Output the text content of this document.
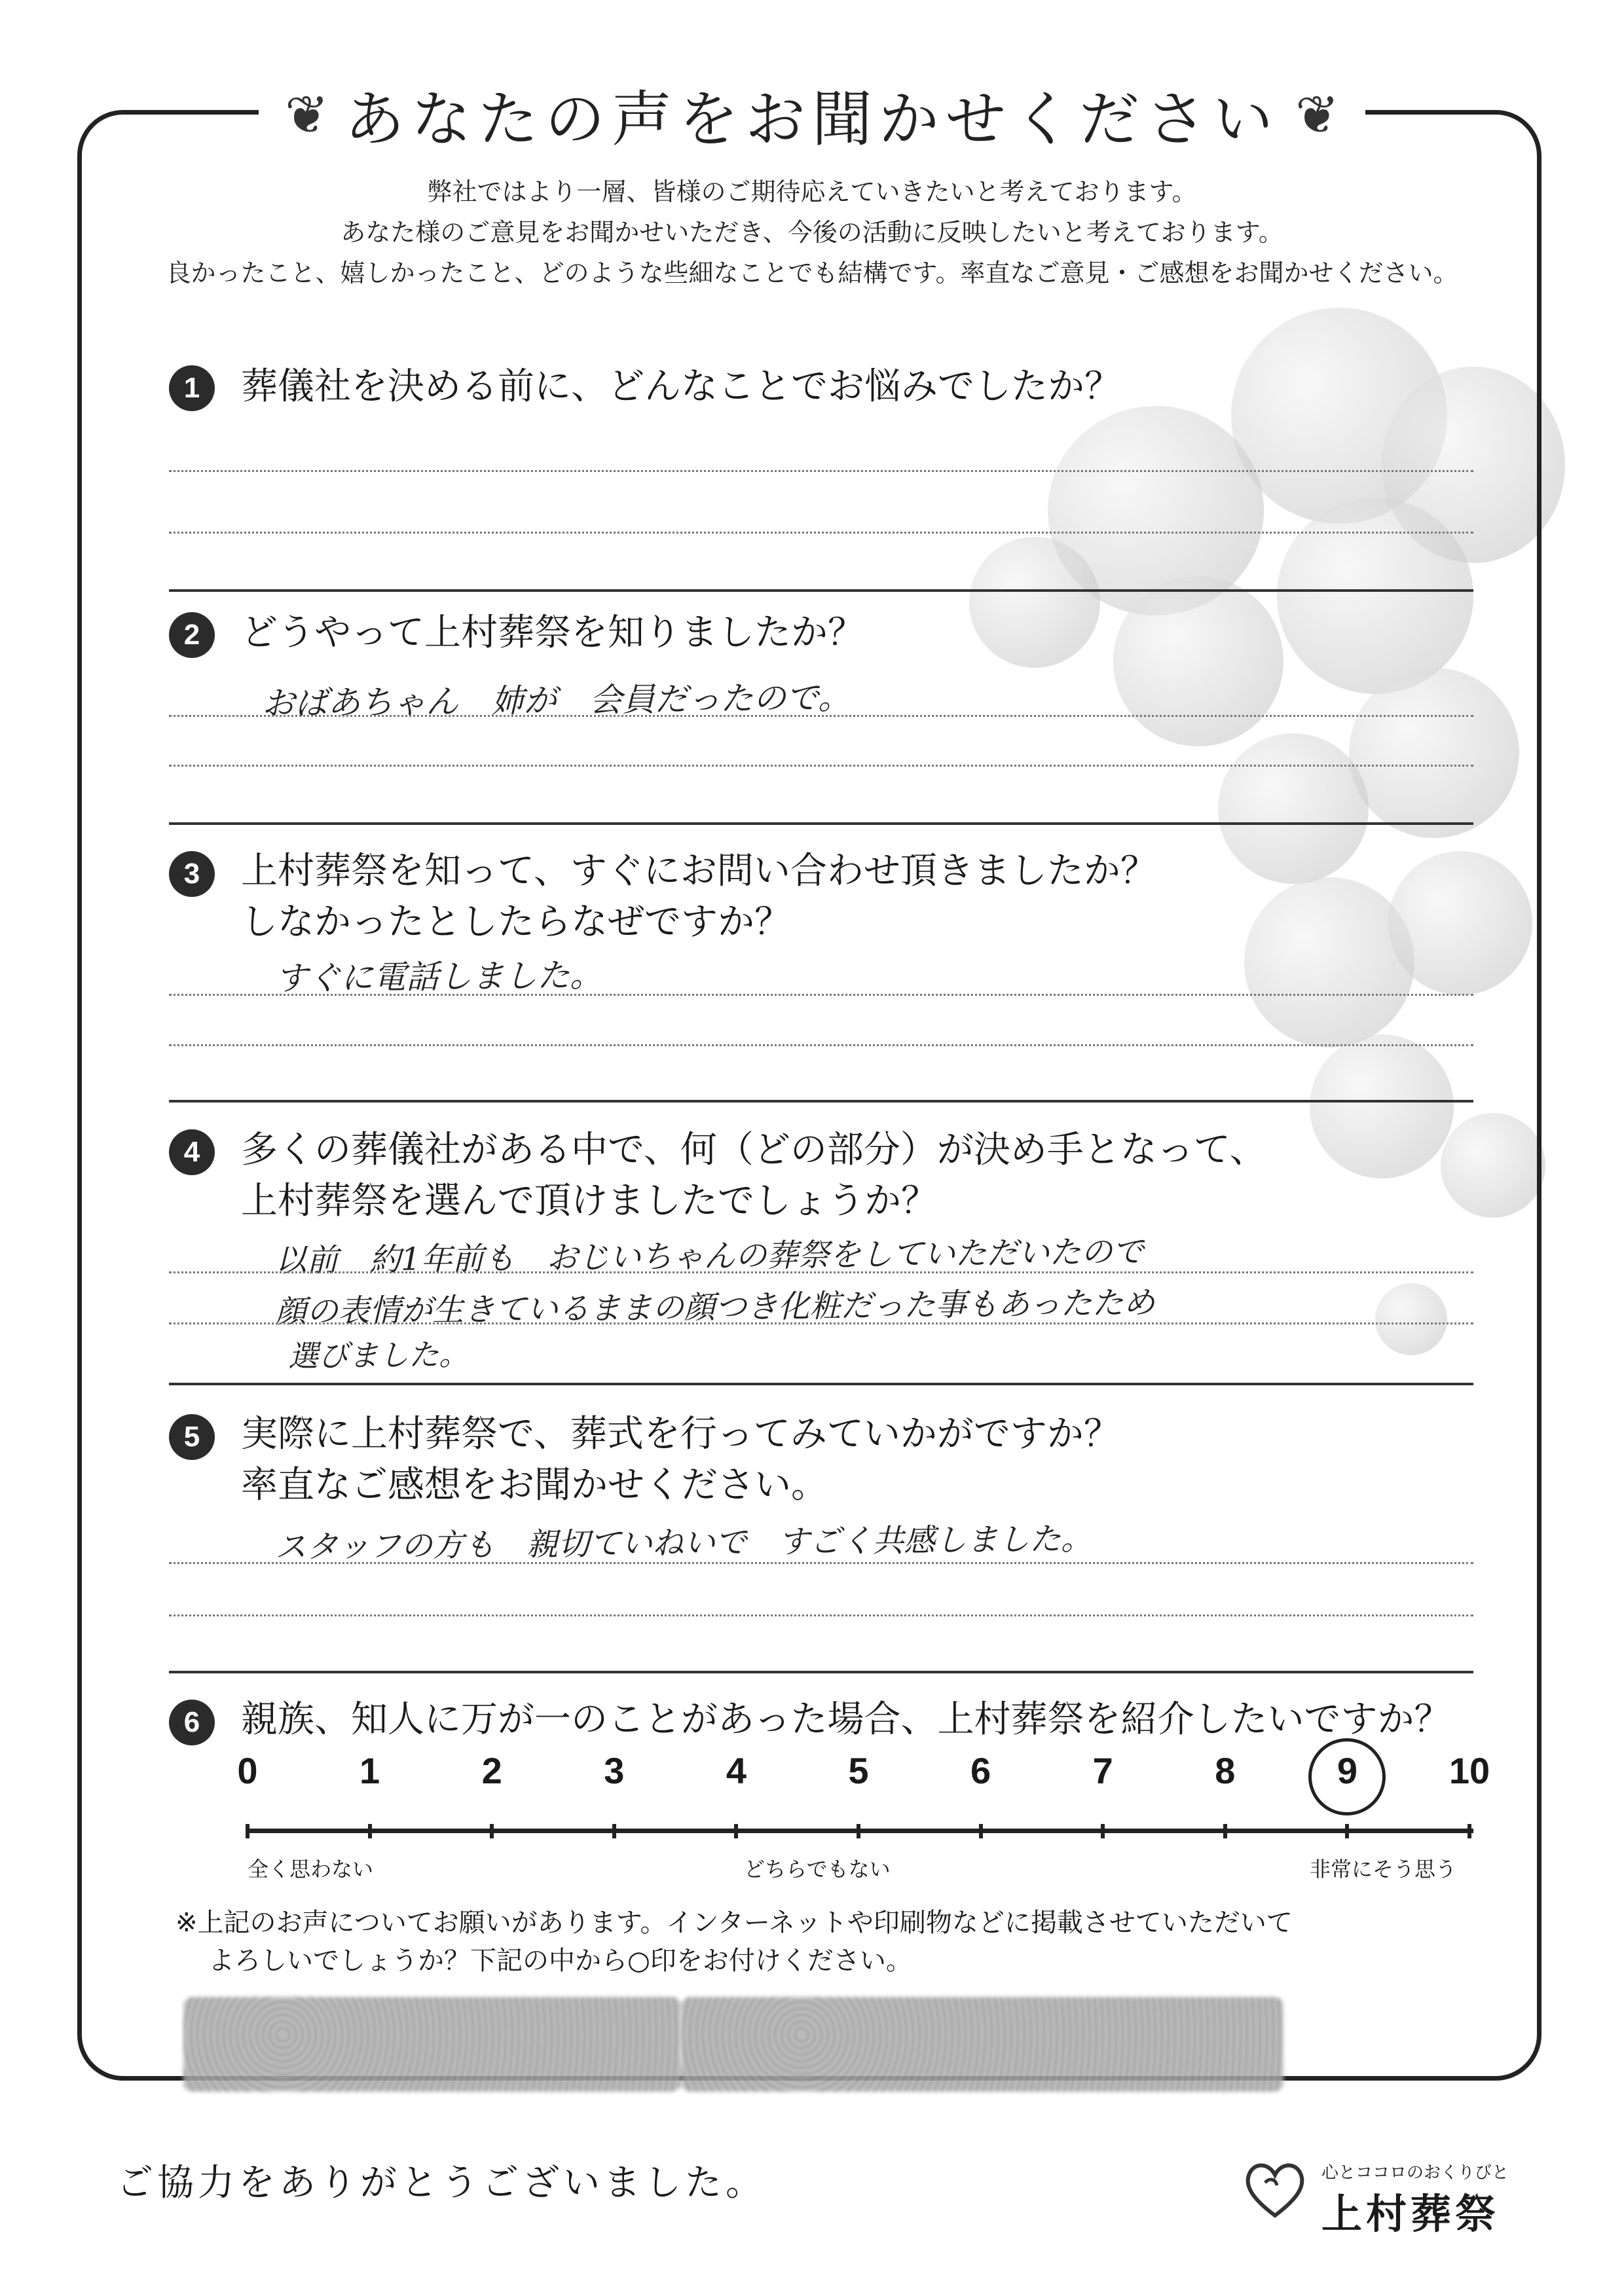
❦ あなたの声をお聞かせください ❦
弊社ではより一層、皆様のご期待応えていきたいと考えております。
あなた様のご意見をお聞かせいただき、今後の活動に反映したいと考えております。
良かったこと、嬉しかったこと、どのような些細なことでも結構です。率直なご意見・ご感想をお聞かせください。
1	葬儀社を決める前に、どんなことでお悩みでしたか？
2	どうやって上村葬祭を知りましたか？
おばあちゃん　姉が　会員だったので。
3	上村葬祭を知って、すぐにお問い合わせ頂きましたか？
しなかったとしたらなぜですか？
すぐに電話しました。
4	多くの葬儀社がある中で、何（どの部分）が決め手となって、
上村葬祭を選んで頂けましたでしょうか？
以前　約1年前も　おじいちゃんの葬祭をしていただいたので
顔の表情が生きているままの顔つき化粧だった事もあったため
選びました。
5	実際に上村葬祭で、葬式を行ってみていかがですか？
率直なご感想をお聞かせください。
スタッフの方も　親切ていねいで　すごく共感しました。
6	親族、知人に万が一のことがあった場合、上村葬祭を紹介したいですか？
0	1	2	3	4	5	6	7	8	9	10
全く思わない	どちらでもない	非常にそう思う
※上記のお声についてお願いがあります。インターネットや印刷物などに掲載させていただいて
よろしいでしょうか？下記の中から○印をお付けください。
ご協力をありがとうございました。	心とココロのおくりびと
上村葬祭
